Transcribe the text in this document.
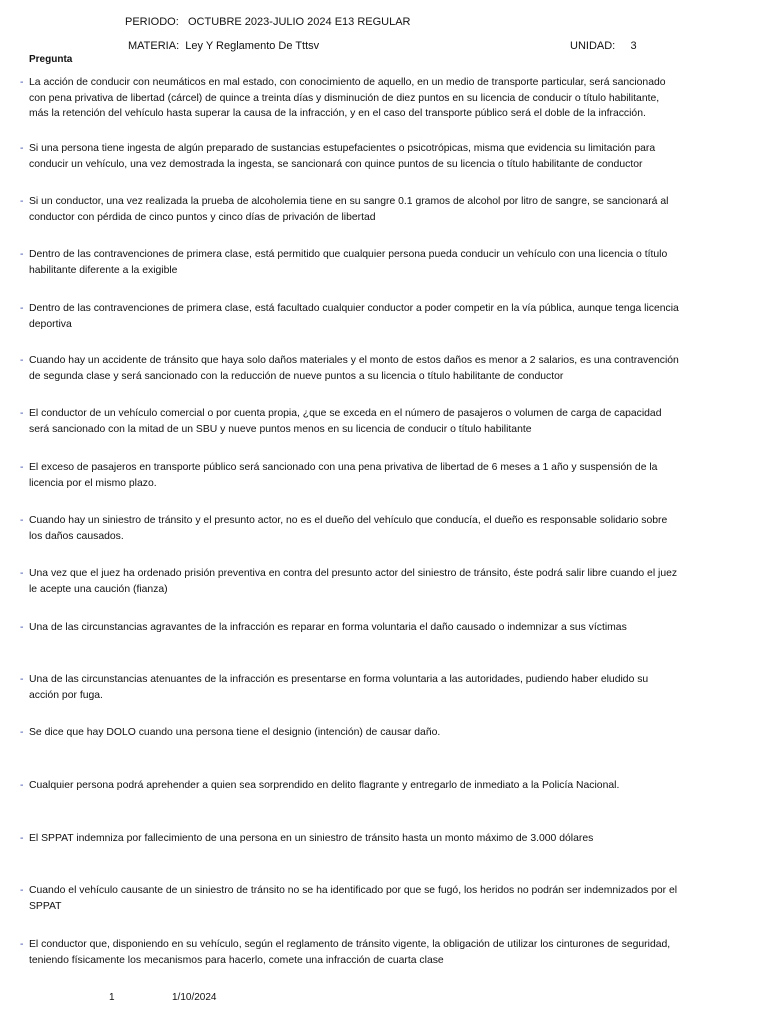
PERIODO: OCTUBRE 2023-JULIO 2024 E13 REGULAR
MATERIA: Ley Y Reglamento De Tttsv	UNIDAD: 3
Pregunta
- La acción de conducir con neumáticos en mal estado, con conocimiento de aquello, en un medio de transporte particular, será sancionado con pena privativa de libertad (cárcel) de quince a treinta días y disminución de diez puntos en su licencia de conducir o título habilitante, más la retención del vehículo hasta superar la causa de la infracción, y en el caso del transporte público será el doble de la infracción.
- Si una persona tiene ingesta de algún preparado de sustancias estupefacientes o psicotrópicas, misma que evidencia su limitación para conducir un vehículo, una vez demostrada la ingesta, se sancionará con quince puntos de su licencia o título habilitante de conductor
- Si un conductor, una vez realizada la prueba de alcoholemia tiene en su sangre 0.1 gramos de alcohol por litro de sangre, se sancionará al conductor con pérdida de cinco puntos y cinco días de privación de libertad
- Dentro de las contravenciones de primera clase, está permitido que cualquier persona pueda conducir un vehículo con una licencia o título habilitante diferente a la exigible
- Dentro de las contravenciones de primera clase, está facultado cualquier conductor a poder competir en la vía pública, aunque tenga licencia deportiva
- Cuando hay un accidente de tránsito que haya solo daños materiales y el monto de estos daños es menor a 2 salarios, es una contravención de segunda clase y será sancionado con la reducción de nueve puntos a su licencia o título habilitante de conductor
- El conductor de un vehículo comercial o por cuenta propia, ¿que se exceda en el número de pasajeros o volumen de carga de capacidad será sancionado con la mitad de un SBU y nueve puntos menos en su licencia de conducir o título habilitante
- El exceso de pasajeros en transporte público será sancionado con una pena privativa de libertad de 6 meses a 1 año y suspensión de la licencia por el mismo plazo.
- Cuando hay un siniestro de tránsito y el presunto actor, no es el dueño del vehículo que conducía, el dueño es responsable solidario sobre los daños causados.
- Una vez que el juez ha ordenado prisión preventiva en contra del presunto actor del siniestro de tránsito, éste podrá salir libre cuando el juez le acepte una caución (fianza)
- Una de las circunstancias agravantes de la infracción es reparar en forma voluntaria el daño causado o indemnizar a sus víctimas
- Una de las circunstancias atenuantes de la infracción es presentarse en forma voluntaria a las autoridades, pudiendo haber eludido su acción por fuga.
- Se dice que hay DOLO cuando una persona tiene el designio (intención) de causar daño.
- Cualquier persona podrá aprehender a quien sea sorprendido en delito flagrante y entregarlo de inmediato a la Policía Nacional.
- El SPPAT indemniza por fallecimiento de una persona en un siniestro de tránsito hasta un monto máximo de 3.000 dólares
- Cuando el vehículo causante de un siniestro de tránsito no se ha identificado por que se fugó, los heridos no podrán ser indemnizados por el SPPAT
- El conductor que, disponiendo en su vehículo, según el reglamento de tránsito vigente, la obligación de utilizar los cinturones de seguridad, teniendo físicamente los mecanismos para hacerlo, comete una infracción de cuarta clase
1	1/10/2024
